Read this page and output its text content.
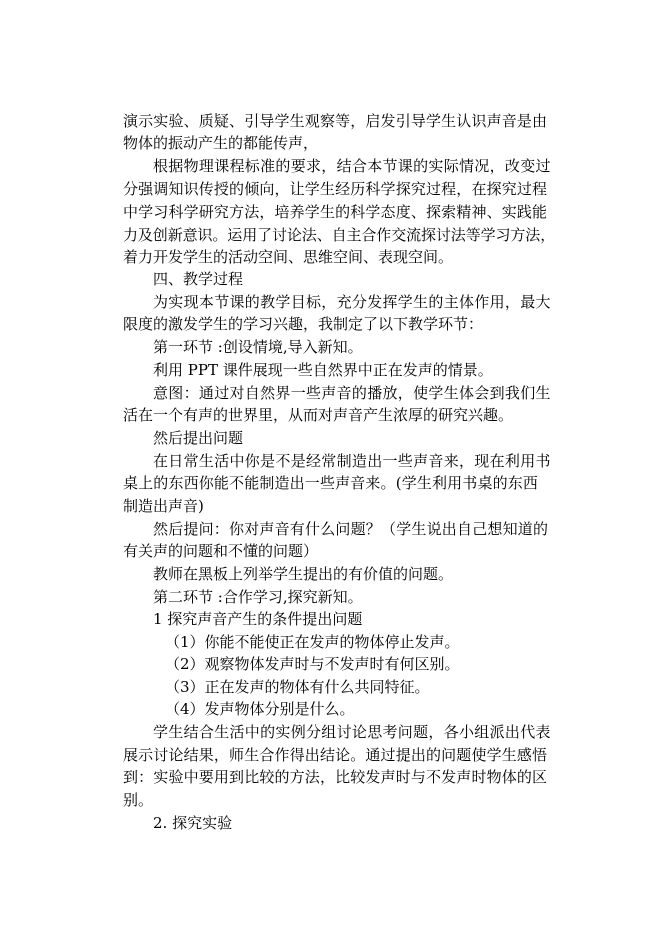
演示实验、质疑、引导学生观察等，启发引导学生认识声音是由
物体的振动产生的都能传声，
根据物理课程标准的要求，结合本节课的实际情况，改变过
分强调知识传授的倾向，让学生经历科学探究过程，在探究过程
中学习科学研究方法，培养学生的科学态度、探索精神、实践能
力及创新意识。运用了讨论法、自主合作交流探讨法等学习方法，
着力开发学生的活动空间、思维空间、表现空间。
四、教学过程
为实现本节课的教学目标，充分发挥学生的主体作用，最大
限度的激发学生的学习兴趣，我制定了以下教学环节：
第一环节 :创设情境,导入新知。
利用 PPT 课件展现一些自然界中正在发声的情景。
意图：通过对自然界一些声音的播放，使学生体会到我们生
活在一个有声的世界里，从而对声音产生浓厚的研究兴趣。
然后提出问题
在日常生活中你是不是经常制造出一些声音来，现在利用书
桌上的东西你能不能制造出一些声音来。(学生利用书桌的东西
制造出声音)
然后提问：你对声音有什么问题？（学生说出自己想知道的
有关声的问题和不懂的问题）
教师在黑板上列举学生提出的有价值的问题。
第二环节 :合作学习,探究新知。
1 探究声音产生的条件提出问题
（1）你能不能使正在发声的物体停止发声。
（2）观察物体发声时与不发声时有何区别。
（3）正在发声的物体有什么共同特征。
（4）发声物体分别是什么。
学生结合生活中的实例分组讨论思考问题，各小组派出代表
展示讨论结果，师生合作得出结论。通过提出的问题使学生感悟
到：实验中要用到比较的方法，比较发声时与不发声时物体的区
别。
2. 探究实验
